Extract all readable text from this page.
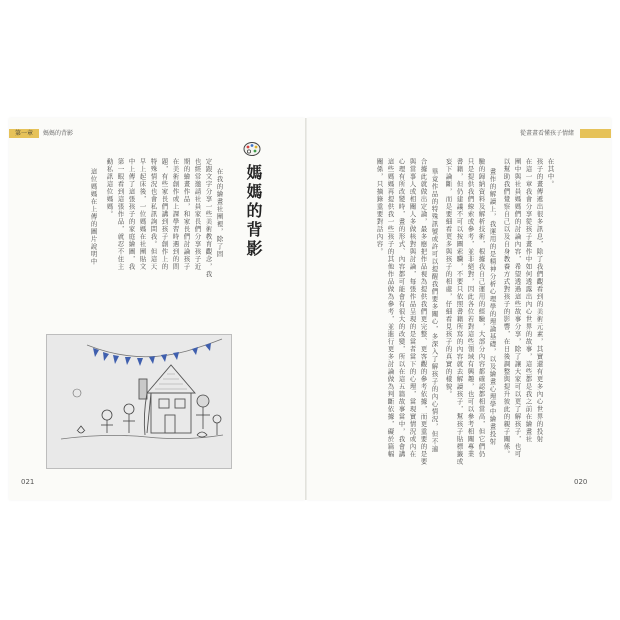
第一章	媽媽的背影	從畫畫看懂孩子情緒
媽媽的背影
在我的繪畫社團裡，除了固
定跟文字分享一些美術教育觀念，我
也經常邀請社員家長們分享孩子近
期的繪畫作品，和家長們討論孩子
在美術創作或上課學習時遇到的問
題，有些家長們講到孩子創作上的
特殊情況也會私訊詢問我。但這天
早上起床後，一位媽媽在社團貼文
中上傳了這張孩子的家庭繪圖，我
第一眼看到這張作品，就忍不住主
動私訊這位媽媽。
這位媽媽在上傳的圖片說明中	在其中。
孩子的畫傳遞出很多訊息，除了我們觀看到的美術元素，其實還有更多內心世界的投射
在這一章我會分享從孩子畫作中如何透露出內心世界的故事，這些都是我之前在繪畫社
團中與社員媽媽們的討論內容，希望透過這些故事分享，除了讓大家可以更了解孩子，也可
以幫助我們覺察自己以及自身教養方式對孩子的影響，在日後調整與提升彼此的親子關係。
畫作的解讀上，我運用的是精神分析心理學的理論基礎，以及繪畫心理學中繪畫投射
驗的歸納資料及解析技術，根據我自己運用的經驗，大部分內容都確認都相當高，但它們仍
只是提供我們線索或參考，並非絕對，因此各位若對這些領域有興趣，也可以參考相關專業
書籍，但仍建議不可以按圖索驥，不要只依照書籍所寫的內容就去解讀孩子，幫孩子貼標籤或
妄下論斷，而是要細看更多與孩子的相處，仔細看見孩子的真實的樣貌。
畢竟作品的特殊訊號或許可以提醒我們要多關心，多深入了解孩子的內心情況，但不適
合據此就做出定論，最多應把作品視為提供我們更完整、更客觀的參考依據，而更重要的是要
與當事人或相關人多做核對與討論，每張作品呈現的是當者當下的心理，當現實情況或內在
心理有所改變時，畫的形式、內容都可能會有很大的改變，所以在這五篇故事當中，我會講
這些媽媽再提供我一些孩子的其他作品做為參考，並進行更多討論做為判斷依據，礙於篇幅
關係，只摘錄重要對話內容。
021	020
